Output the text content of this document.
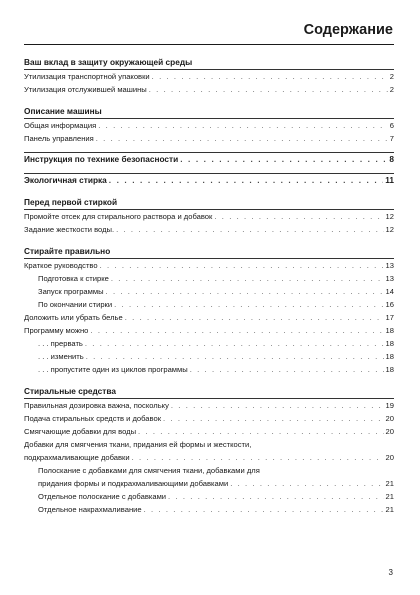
Содержание
Ваш вклад в защиту окружающей среды
Утилизация транспортной упаковки . . .	2
Утилизация отслужившей машины . . .	2
Описание машины
Общая информация . . .	6
Панель управления . . .	7
Инструкция по технике безопасности . . .	8
Экологичная стирка . . .	11
Перед первой стиркой
Промойте отсек для стирального раствора и добавок . . .	12
Задание жесткости воды. . . .	12
Стирайте правильно
Краткое руководство . . .	13
Подготовка к стирке . . .	13
Запуск программы . . .	14
По окончании стирки . . .	16
Доложить или убрать белье . . .	17
Программу можно . . .	18
. . . прервать . . .	18
. . . изменить . . .	18
. . . пропустите один из циклов программы . . .	18
Стиральные средства
Правильная дозировка важна, поскольку . . .	19
Подача стиральных средств и добавок . . .	20
Смягчающие добавки для воды . . .	20
Добавки для смягчения ткани, придания ей формы и жесткости,
подкрахмаливающие добавки . . .	20
Полоскание с добавками для смягчения ткани, добавками для
придания формы и подкрахмаливающими добавками . . .	21
Отдельное полоскание с добавками . . .	21
Отдельное накрахмаливание . . .	21
3
